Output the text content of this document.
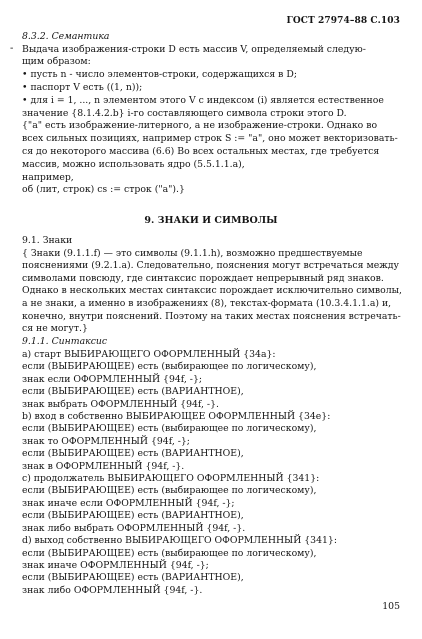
ГОСТ 27974–88 С.103
-
8.3.2. Семантика
Выдача изображения-строки D есть массив V, определяемый следую-
щим образом:
• пусть n - число элементов-строки, содержащихся в D;
• паспорт V есть ((1, n));
• для i = 1, ..., n элементом этого V с индексом (i) является естественное
значение {8.1.4.2.b} i-го составляющего символа строки этого D.
{"a" есть изображение-литерного, а не изображение-строки. Однако во
всех сильных позициях, например строк S := "a", оно может векторизовать-
ся до некоторого массива (6.6) Во всех остальных местах, где требуется
массив, можно использовать ядро (5.5.1.1.a),
например,
об (лит, строк) cs := строк ("a").}
9. ЗНАКИ И СИМВОЛЫ
9.1. Знаки
{ Знаки (9.1.1.f) — это символы (9.1.1.h), возможно предшествуемые
пояснениями (9.2.1.a). Следовательно, пояснения могут встречаться между
символами повсюду, где синтаксис порождает непрерывный ряд знаков.
Однако в нескольких местах синтаксис порождает исключительно символы,
а не знаки, а именно в изображениях (8), текстах-формата (10.3.4.1.1.a) и,
конечно, внутри пояснений. Поэтому на таких местах пояснения встречать-
ся не могут.}
9.1.1. Синтаксис
a) старт ВЫБИРАЮЩЕГО ОФОРМЛЕННЫЙ {34a}:
если (ВЫБИРАЮЩЕЕ) есть (выбирающее по логическому),
знак если ОФОРМЛЕННЫЙ {94f, -};
если (ВЫБИРАЮЩЕЕ) есть (ВАРИАНТНОЕ),
знак выбрать ОФОРМЛЕННЫЙ {94f, -}.
b) вход в собственно ВЫБИРАЮЩЕЕ ОФОРМЛЕННЫЙ {34e}:
если (ВЫБИРАЮЩЕЕ) есть (выбирающее по логическому),
знак то ОФОРМЛЕННЫЙ {94f, -};
если (ВЫБИРАЮЩЕЕ) есть (ВАРИАНТНОЕ),
знак в ОФОРМЛЕННЫЙ {94f, -}.
c) продолжатель ВЫБИРАЮЩЕГО ОФОРМЛЕННЫЙ {341}:
если (ВЫБИРАЮЩЕЕ) есть (выбирающее по логическому),
знак иначе если ОФОРМЛЕННЫЙ {94f, -};
если (ВЫБИРАЮЩЕЕ) есть (ВАРИАНТНОЕ),
знак либо выбрать ОФОРМЛЕННЫЙ {94f, -}.
d) выход собственно ВЫБИРАЮЩЕГО ОФОРМЛЕННЫЙ {341}:
если (ВЫБИРАЮЩЕЕ) есть (выбирающее по логическому),
знак иначе ОФОРМЛЕННЫЙ {94f, -};
если (ВЫБИРАЮЩЕЕ) есть (ВАРИАНТНОЕ),
знак либо ОФОРМЛЕННЫЙ {94f, -}.
105
